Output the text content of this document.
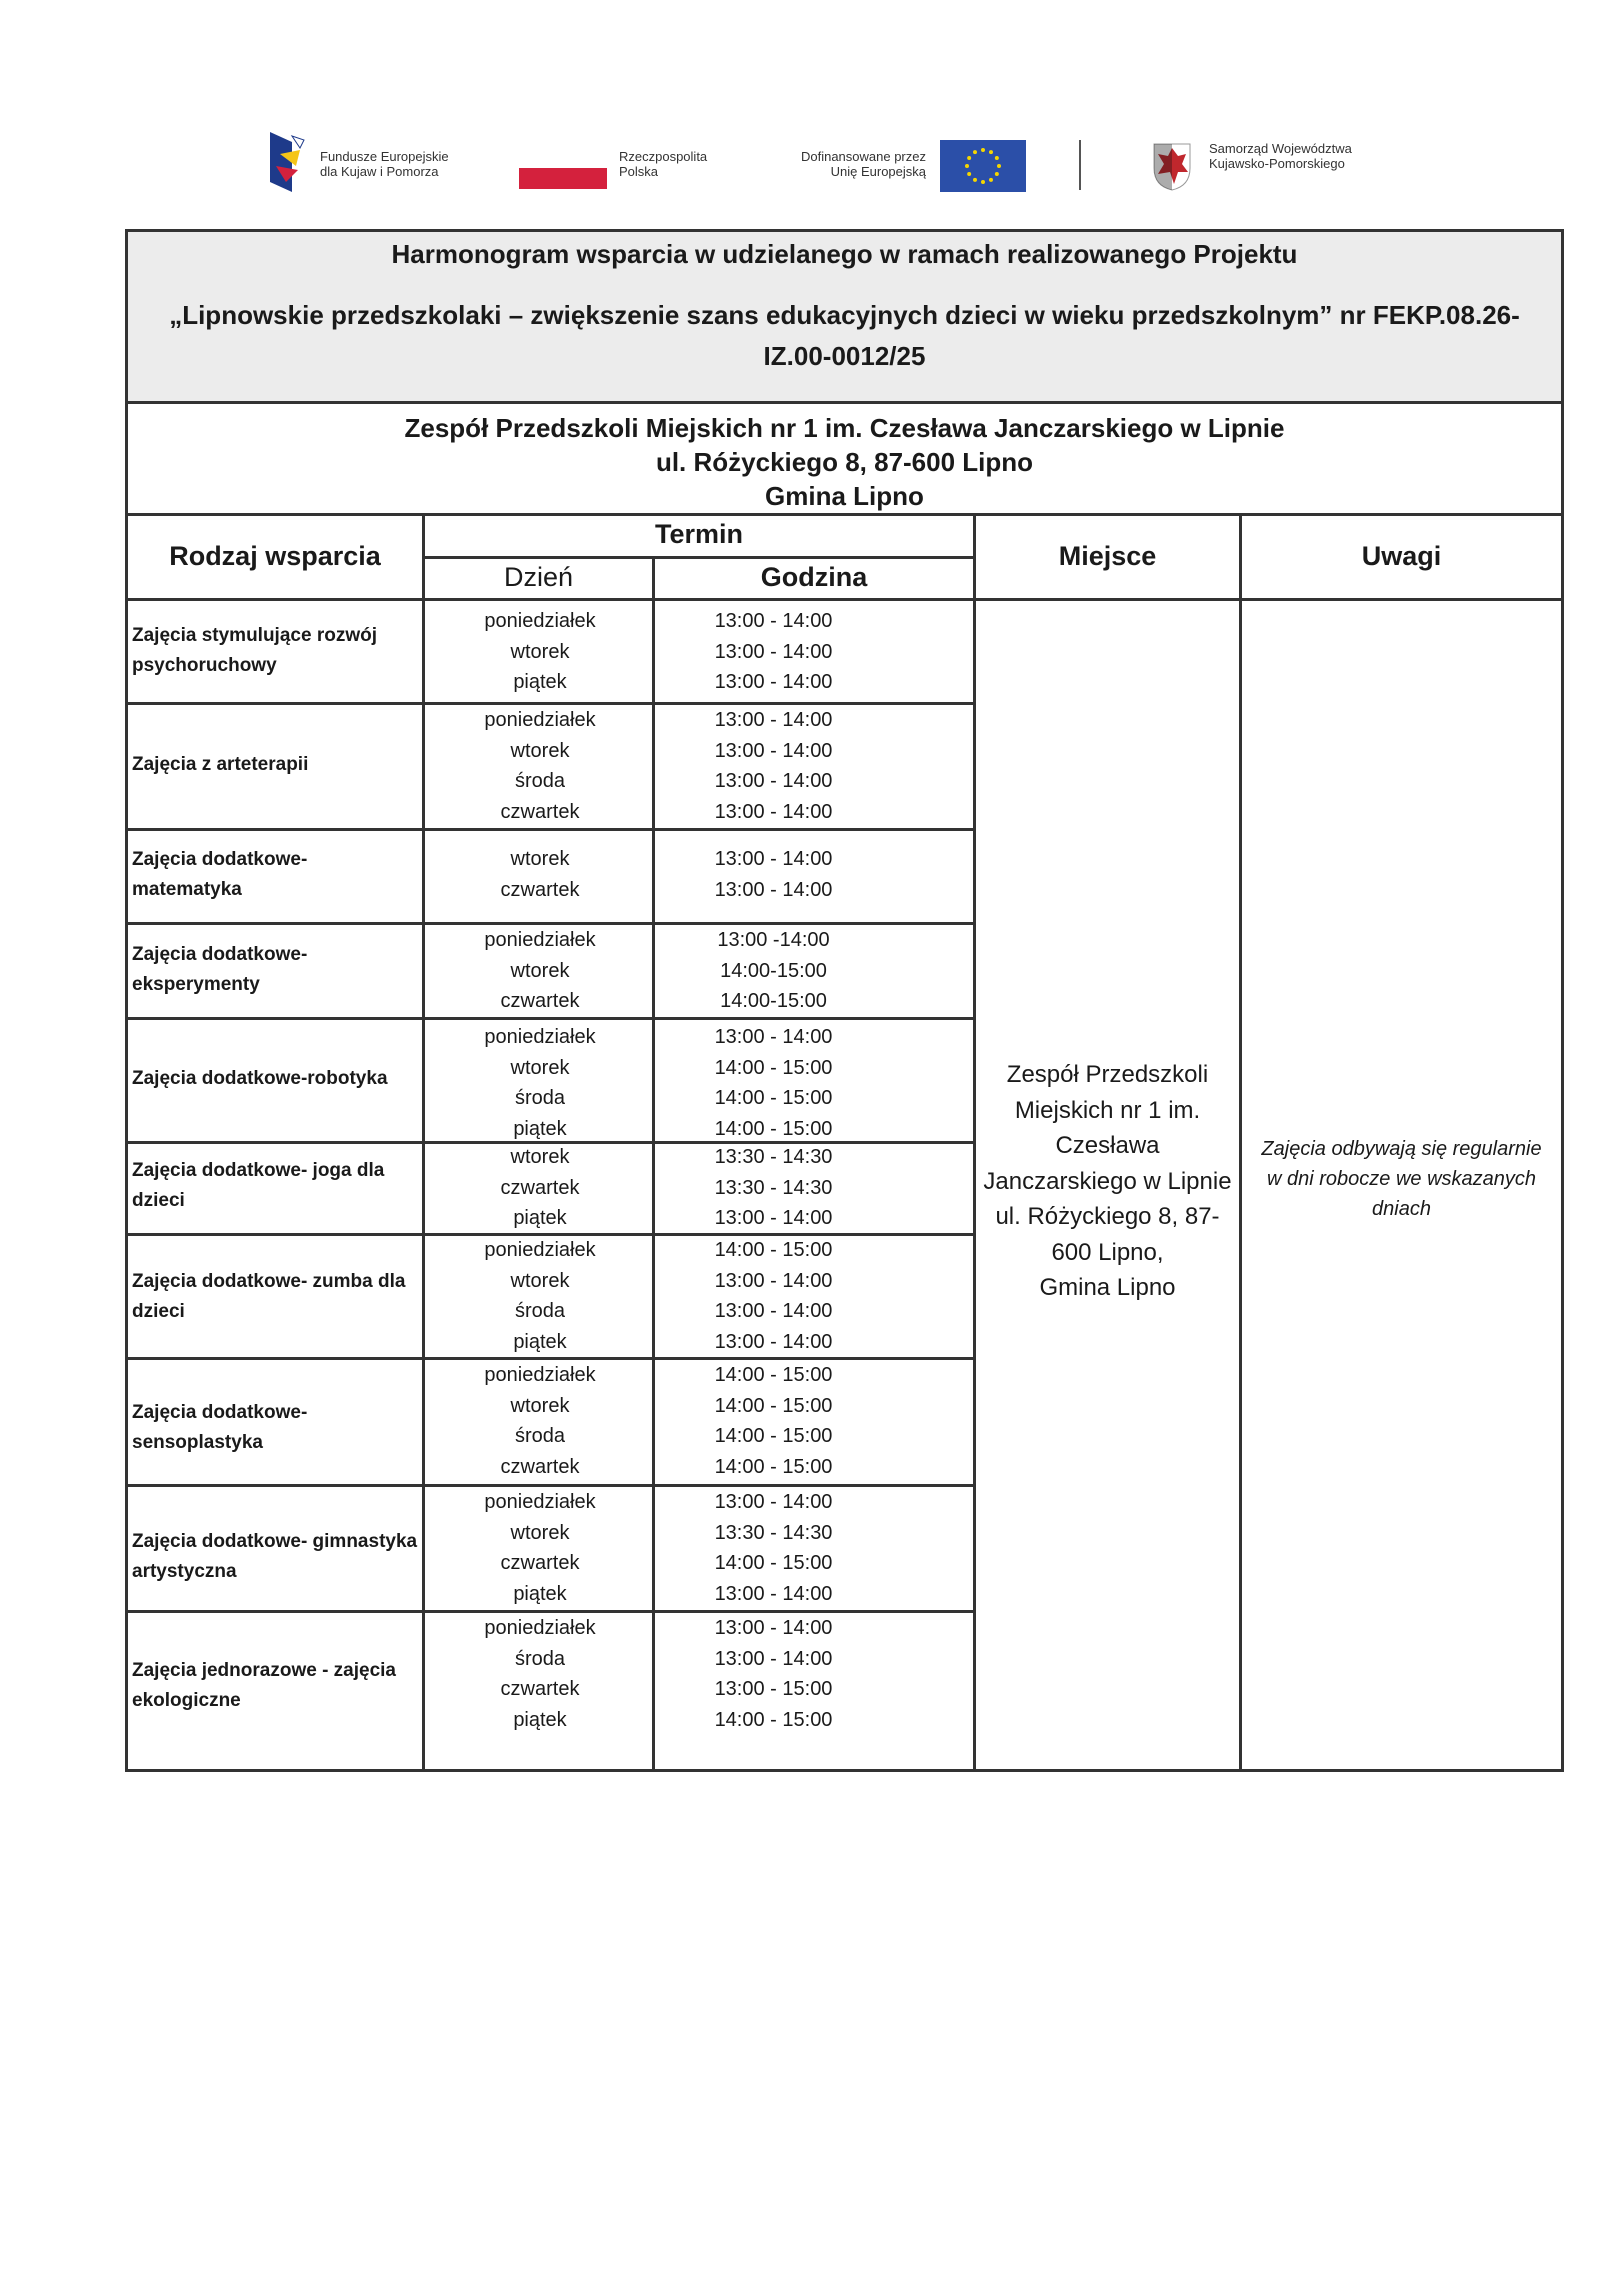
Fundusze Europejskie
dla Kujaw i Pomorza
Rzeczpospolita
Polska
Dofinansowane przez
Unię Europejską
Samorząd Województwa
Kujawsko-Pomorskiego
Harmonogram wsparcia w udzielanego w ramach realizowanego Projektu
„Lipnowskie przedszkolaki – zwiększenie szans edukacyjnych dzieci w wieku przedszkolnym” nr FEKP.08.26-
IZ.00-0012/25
Zespół Przedszkoli Miejskich nr 1 im. Czesława Janczarskiego w Lipnie
ul. Różyckiego 8, 87-600 Lipno
Gmina Lipno
Rodzaj wsparcia
Termin
Dzień	Godzina
Miejsce	Uwagi
Zajęcia stymulujące rozwój psychoruchowy
poniedziałek
wtorek
piątek
13:00 - 14:00
13:00 - 14:00
13:00 - 14:00
Zajęcia z arteterapii
poniedziałek
wtorek
środa
czwartek
13:00 - 14:00
13:00 - 14:00
13:00 - 14:00
13:00 - 14:00
Zajęcia dodatkowe- matematyka
wtorek
czwartek
13:00 - 14:00
13:00 - 14:00
Zajęcia dodatkowe- eksperymenty
poniedziałek
wtorek
czwartek
13:00 -14:00
14:00-15:00
14:00-15:00
Zajęcia dodatkowe-robotyka
poniedziałek
wtorek
środa
piątek
13:00 - 14:00
14:00 - 15:00
14:00 - 15:00
14:00 - 15:00
Zajęcia dodatkowe- joga dla dzieci
wtorek
czwartek
piątek
13:30 - 14:30
13:30 - 14:30
13:00 - 14:00
Zajęcia dodatkowe- zumba dla dzieci
poniedziałek
wtorek
środa
piątek
14:00 - 15:00
13:00 - 14:00
13:00 - 14:00
13:00 - 14:00
Zajęcia dodatkowe- sensoplastyka
poniedziałek
wtorek
środa
czwartek
14:00 - 15:00
14:00 - 15:00
14:00 - 15:00
14:00 - 15:00
Zajęcia dodatkowe- gimnastyka artystyczna
poniedziałek
wtorek
czwartek
piątek
13:00 - 14:00
13:30 - 14:30
14:00 - 15:00
13:00 - 14:00
Zajęcia jednorazowe - zajęcia ekologiczne
poniedziałek
środa
czwartek
piątek
13:00 - 14:00
13:00 - 14:00
13:00 - 15:00
14:00 - 15:00
Zespół Przedszkoli
Miejskich nr 1 im.
Czesława
Janczarskiego w Lipnie
ul. Różyckiego 8, 87-
600 Lipno,
Gmina Lipno
Zajęcia odbywają się regularnie
w dni robocze we wskazanych
dniach
